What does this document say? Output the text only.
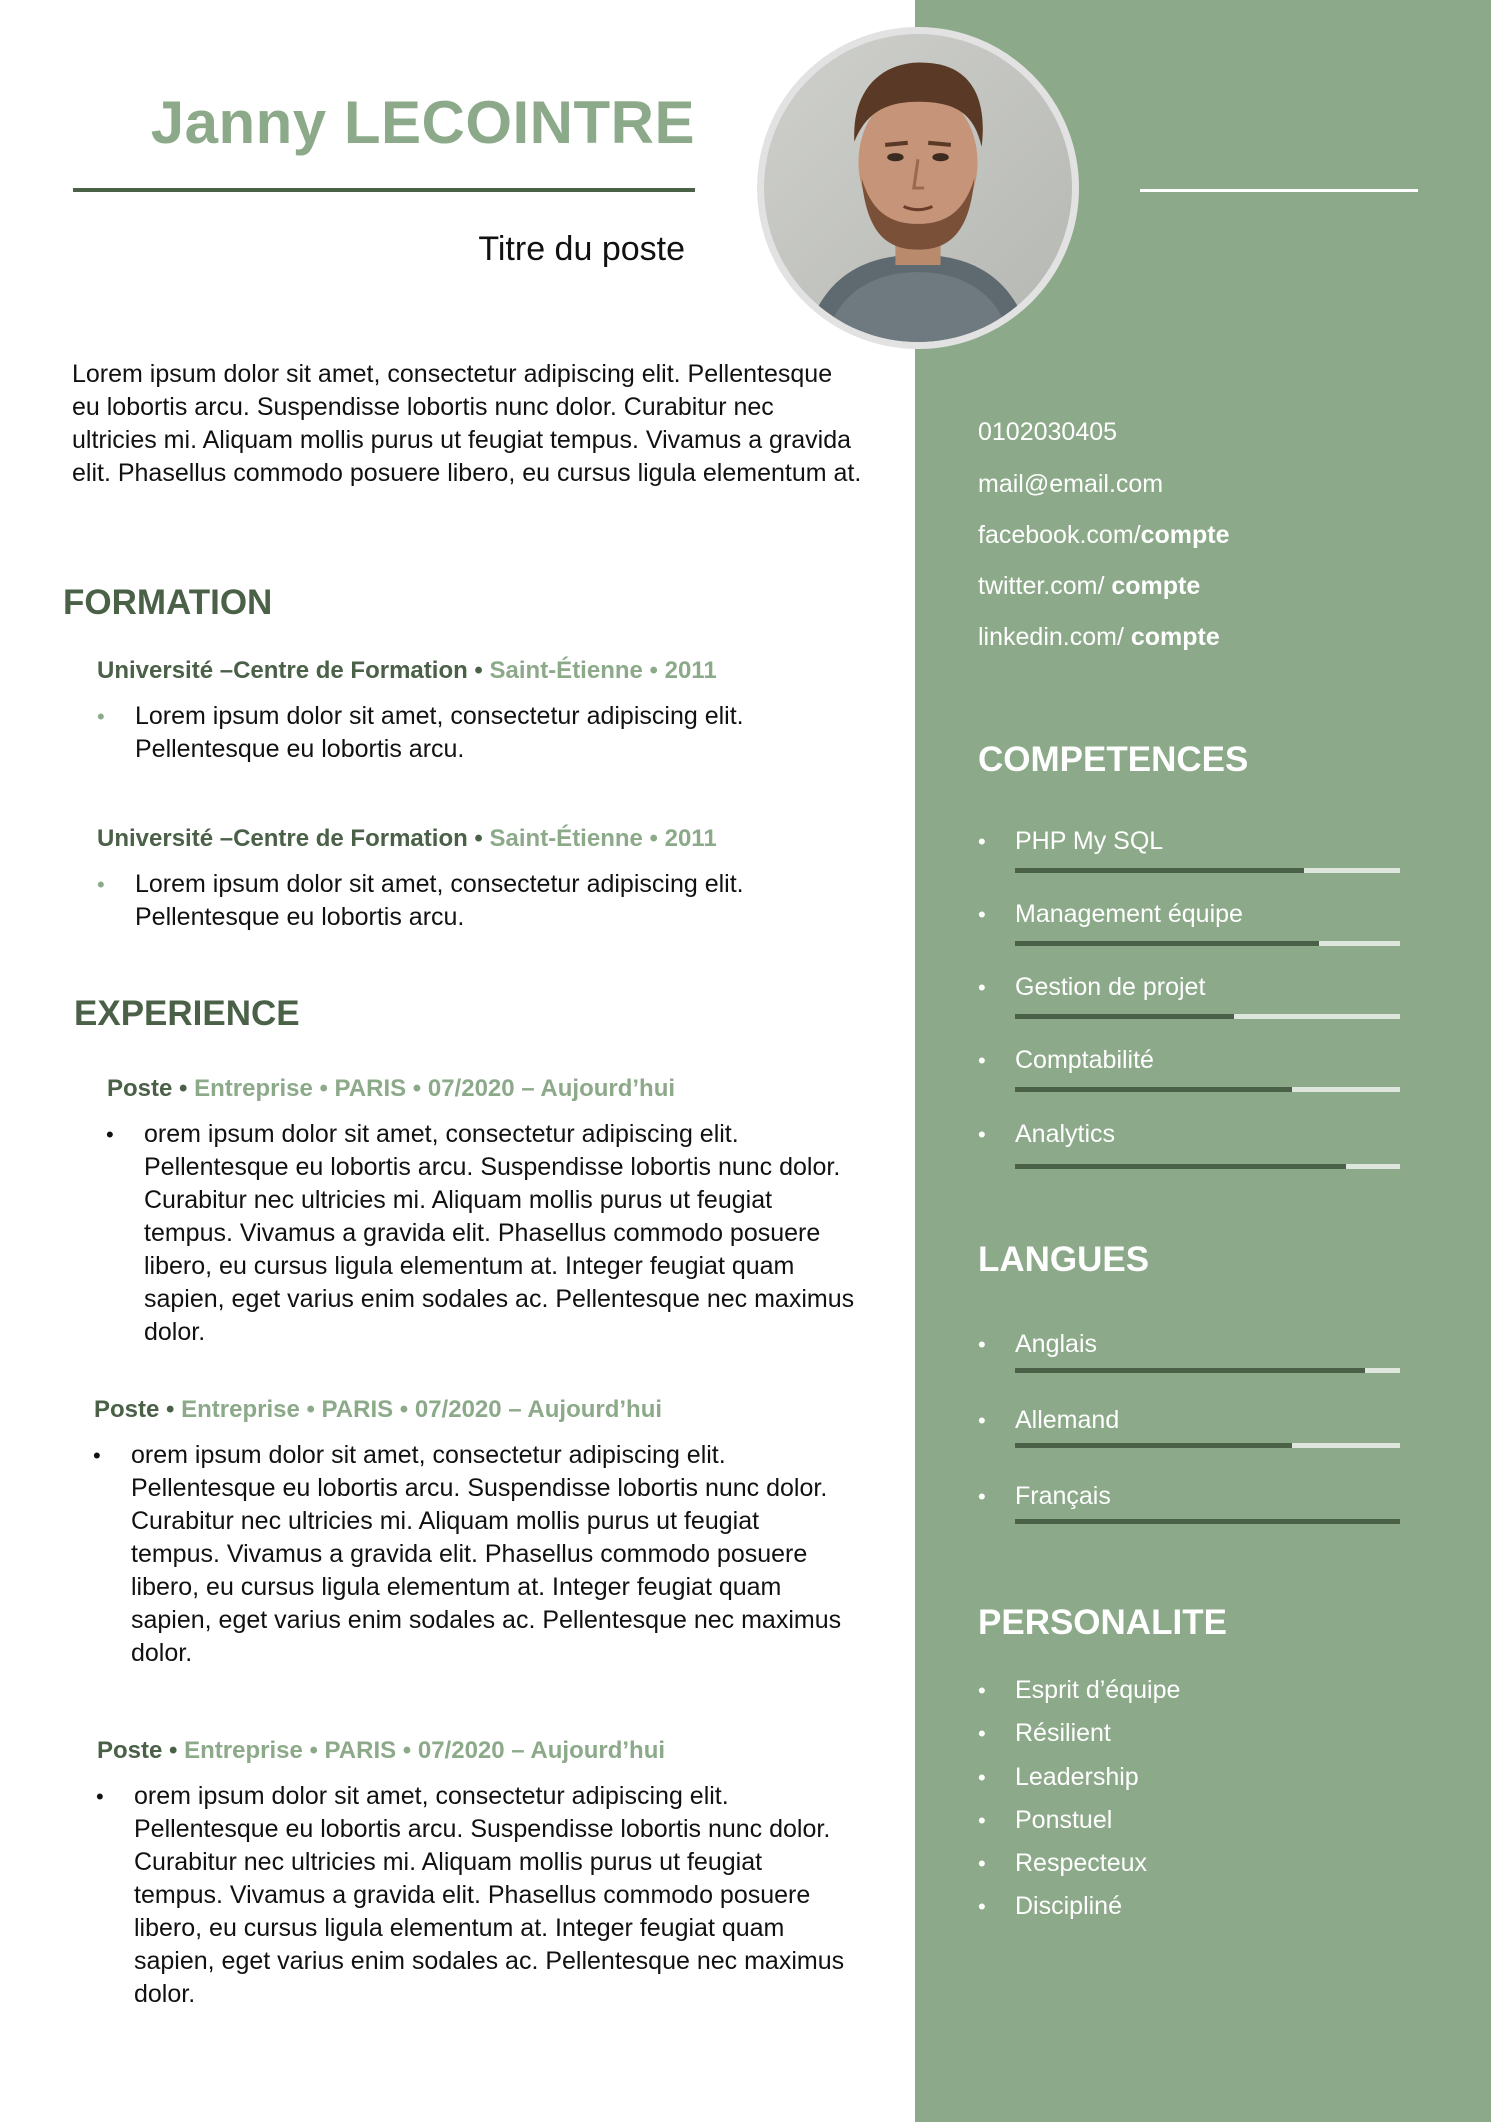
Janny LECOINTRE
Titre du poste

Lorem ipsum dolor sit amet, consectetur adipiscing elit. Pellentesque eu lobortis arcu. Suspendisse lobortis nunc dolor. Curabitur nec ultricies mi. Aliquam mollis purus ut feugiat tempus. Vivamus a gravida elit. Phasellus commodo posuere libero, eu cursus ligula elementum at.

FORMATION
Université –Centre de Formation • Saint-Étienne • 2011
• Lorem ipsum dolor sit amet, consectetur adipiscing elit. Pellentesque eu lobortis arcu.
Université –Centre de Formation • Saint-Étienne • 2011
• Lorem ipsum dolor sit amet, consectetur adipiscing elit. Pellentesque eu lobortis arcu.
EXPERIENCE
Poste • Entreprise • PARIS • 07/2020 – Aujourd’hui
• orem ipsum dolor sit amet, consectetur adipiscing elit. Pellentesque eu lobortis arcu. Suspendisse lobortis nunc dolor. Curabitur nec ultricies mi. Aliquam mollis purus ut feugiat tempus. Vivamus a gravida elit. Phasellus commodo posuere libero, eu cursus ligula elementum at. Integer feugiat quam sapien, eget varius enim sodales ac. Pellentesque nec maximus dolor.
Poste • Entreprise • PARIS • 07/2020 – Aujourd’hui
• orem ipsum dolor sit amet, consectetur adipiscing elit. Pellentesque eu lobortis arcu. Suspendisse lobortis nunc dolor. Curabitur nec ultricies mi. Aliquam mollis purus ut feugiat tempus. Vivamus a gravida elit. Phasellus commodo posuere libero, eu cursus ligula elementum at. Integer feugiat quam sapien, eget varius enim sodales ac. Pellentesque nec maximus dolor.
Poste • Entreprise • PARIS • 07/2020 – Aujourd’hui
• orem ipsum dolor sit amet, consectetur adipiscing elit. Pellentesque eu lobortis arcu. Suspendisse lobortis nunc dolor. Curabitur nec ultricies mi. Aliquam mollis purus ut feugiat tempus. Vivamus a gravida elit. Phasellus commodo posuere libero, eu cursus ligula elementum at. Integer feugiat quam sapien, eget varius enim sodales ac. Pellentesque nec maximus dolor.
0102030405
mail@email.com
facebook.com/compte
twitter.com/ compte
linkedin.com/ compte
COMPETENCES
• PHP My SQL
• Management équipe
• Gestion de projet
• Comptabilité
• Analytics
LANGUES
• Anglais
• Allemand
• Français
PERSONALITE
• Esprit d’équipe
• Résilient
• Leadership
• Ponstuel
• Respecteux
• Discipliné
